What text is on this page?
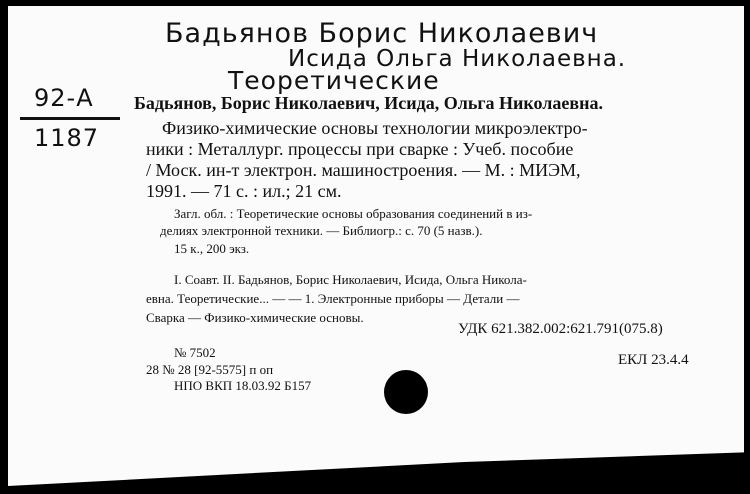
Бадьянов Борис Николаевич
Исида Ольга Николаевна.
Теоретические
92-А
1187
Бадьянов, Борис Николаевич, Исида, Ольга Николаевна.
Физико-химические основы технологии микроэлектро-
ники : Металлург. процессы при сварке : Учеб. пособие
/ Моск. ин-т электрон. машиностроения. — М. : МИЭМ,
1991. — 71 с. : ил.; 21 см.
Загл. обл. : Теоретические основы образования соединений в из-
делиях электронной техники. — Библиогр.: с. 70 (5 назв.).
15 к., 200 экз.
I. Соавт. II. Бадьянов, Борис Николаевич, Исида, Ольга Никола-
евна. Теоретические... — — 1. Электронные приборы — Детали —
Сварка — Физико-химические основы.
УДК 621.382.002:621.791(075.8)
№ 7502
28 № 28 [92-5575] п оп
НПО ВКП 18.03.92 Б157
ЕКЛ 23.4.4
